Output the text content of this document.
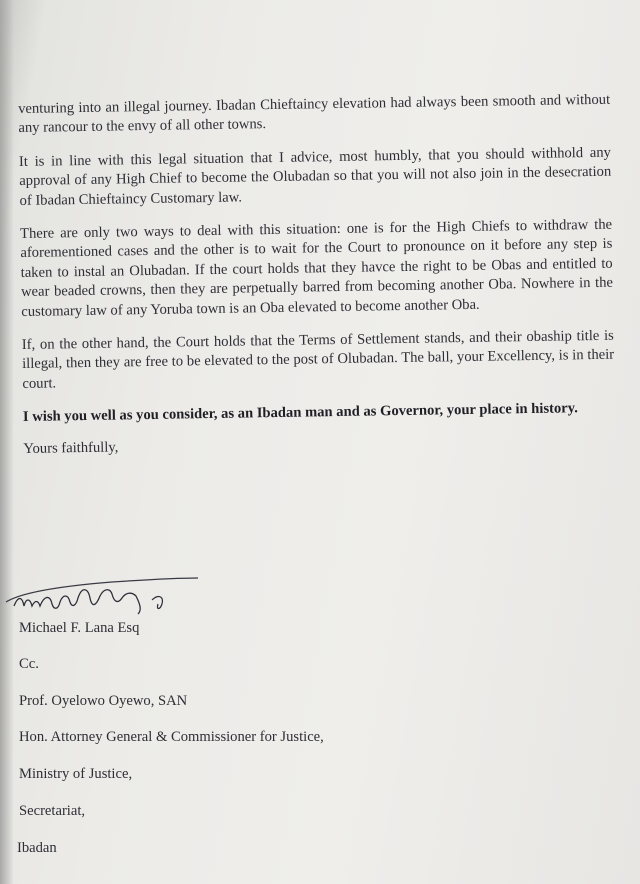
venturing into an illegal journey. Ibadan Chieftaincy elevation had always been smooth and without any rancour to the envy of all other towns.

It is in line with this legal situation that I advice, most humbly, that you should withhold any approval of any High Chief to become the Olubadan so that you will not also join in the desecration of Ibadan Chieftaincy Customary law.

There are only two ways to deal with this situation: one is for the High Chiefs to withdraw the aforementioned cases and the other is to wait for the Court to pronounce on it before any step is taken to instal an Olubadan. If the court holds that they havce the right to be Obas and entitled to wear beaded crowns, then they are perpetually barred from becoming another Oba. Nowhere in the customary law of any Yoruba town is an Oba elevated to become another Oba.

If, on the other hand, the Court holds that the Terms of Settlement stands, and their obaship title is illegal, then they are free to be elevated to the post of Olubadan. The ball, your Excellency, is in their court.

I wish you well as you consider, as an Ibadan man and as Governor, your place in history.

Yours faithfully,

Michael F. Lana Esq
Cc.
Prof. Oyelowo Oyewo, SAN
Hon. Attorney General & Commissioner for Justice,
Ministry of Justice,
Secretariat,
Ibadan
